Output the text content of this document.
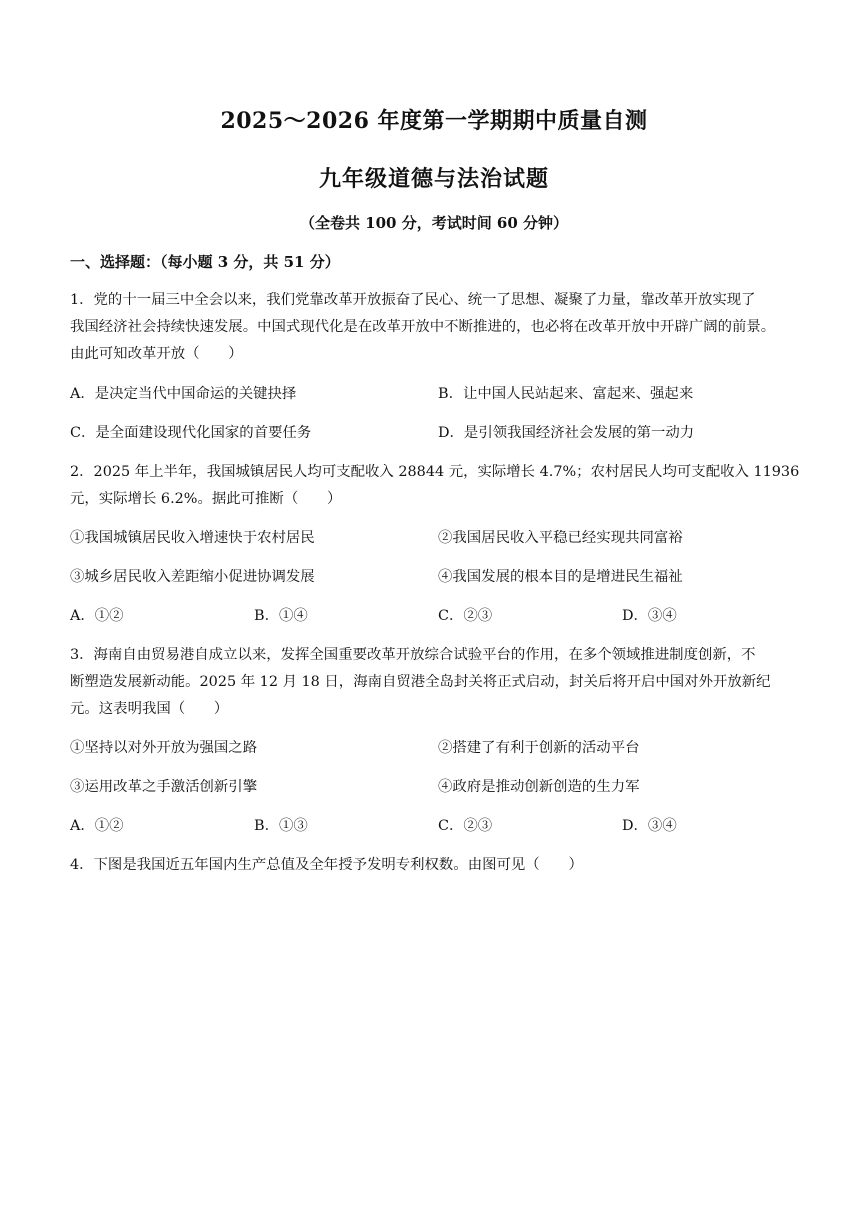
2025～2026 年度第一学期期中质量自测
九年级道德与法治试题
（全卷共 100 分，考试时间 60 分钟）
一、选择题：（每小题 3 分，共 51 分）
1．党的十一届三中全会以来，我们党靠改革开放振奋了民心、统一了思想、凝聚了力量，靠改革开放实现了
我国经济社会持续快速发展。中国式现代化是在改革开放中不断推进的，也必将在改革开放中开辟广阔的前景。
由此可知改革开放（　　）
A．是决定当代中国命运的关键抉择	B．让中国人民站起来、富起来、强起来
C．是全面建设现代化国家的首要任务	D．是引领我国经济社会发展的第一动力
2．2025 年上半年，我国城镇居民人均可支配收入 28844 元，实际增长 4.7%；农村居民人均可支配收入 11936
元，实际增长 6.2%。据此可推断（　　）
①我国城镇居民收入增速快于农村居民	②我国居民收入平稳已经实现共同富裕
③城乡居民收入差距缩小促进协调发展	④我国发展的根本目的是增进民生福祉
A．①②	B．①④	C．②③	D．③④
3．海南自由贸易港自成立以来，发挥全国重要改革开放综合试验平台的作用，在多个领域推进制度创新，不
断塑造发展新动能。2025 年 12 月 18 日，海南自贸港全岛封关将正式启动，封关后将开启中国对外开放新纪
元。这表明我国（　　）
①坚持以对外开放为强国之路	②搭建了有利于创新的活动平台
③运用改革之手激活创新引擎	④政府是推动创新创造的生力军
A．①②	B．①③	C．②③	D．③④
4．下图是我国近五年国内生产总值及全年授予发明专利权数。由图可见（　　）
